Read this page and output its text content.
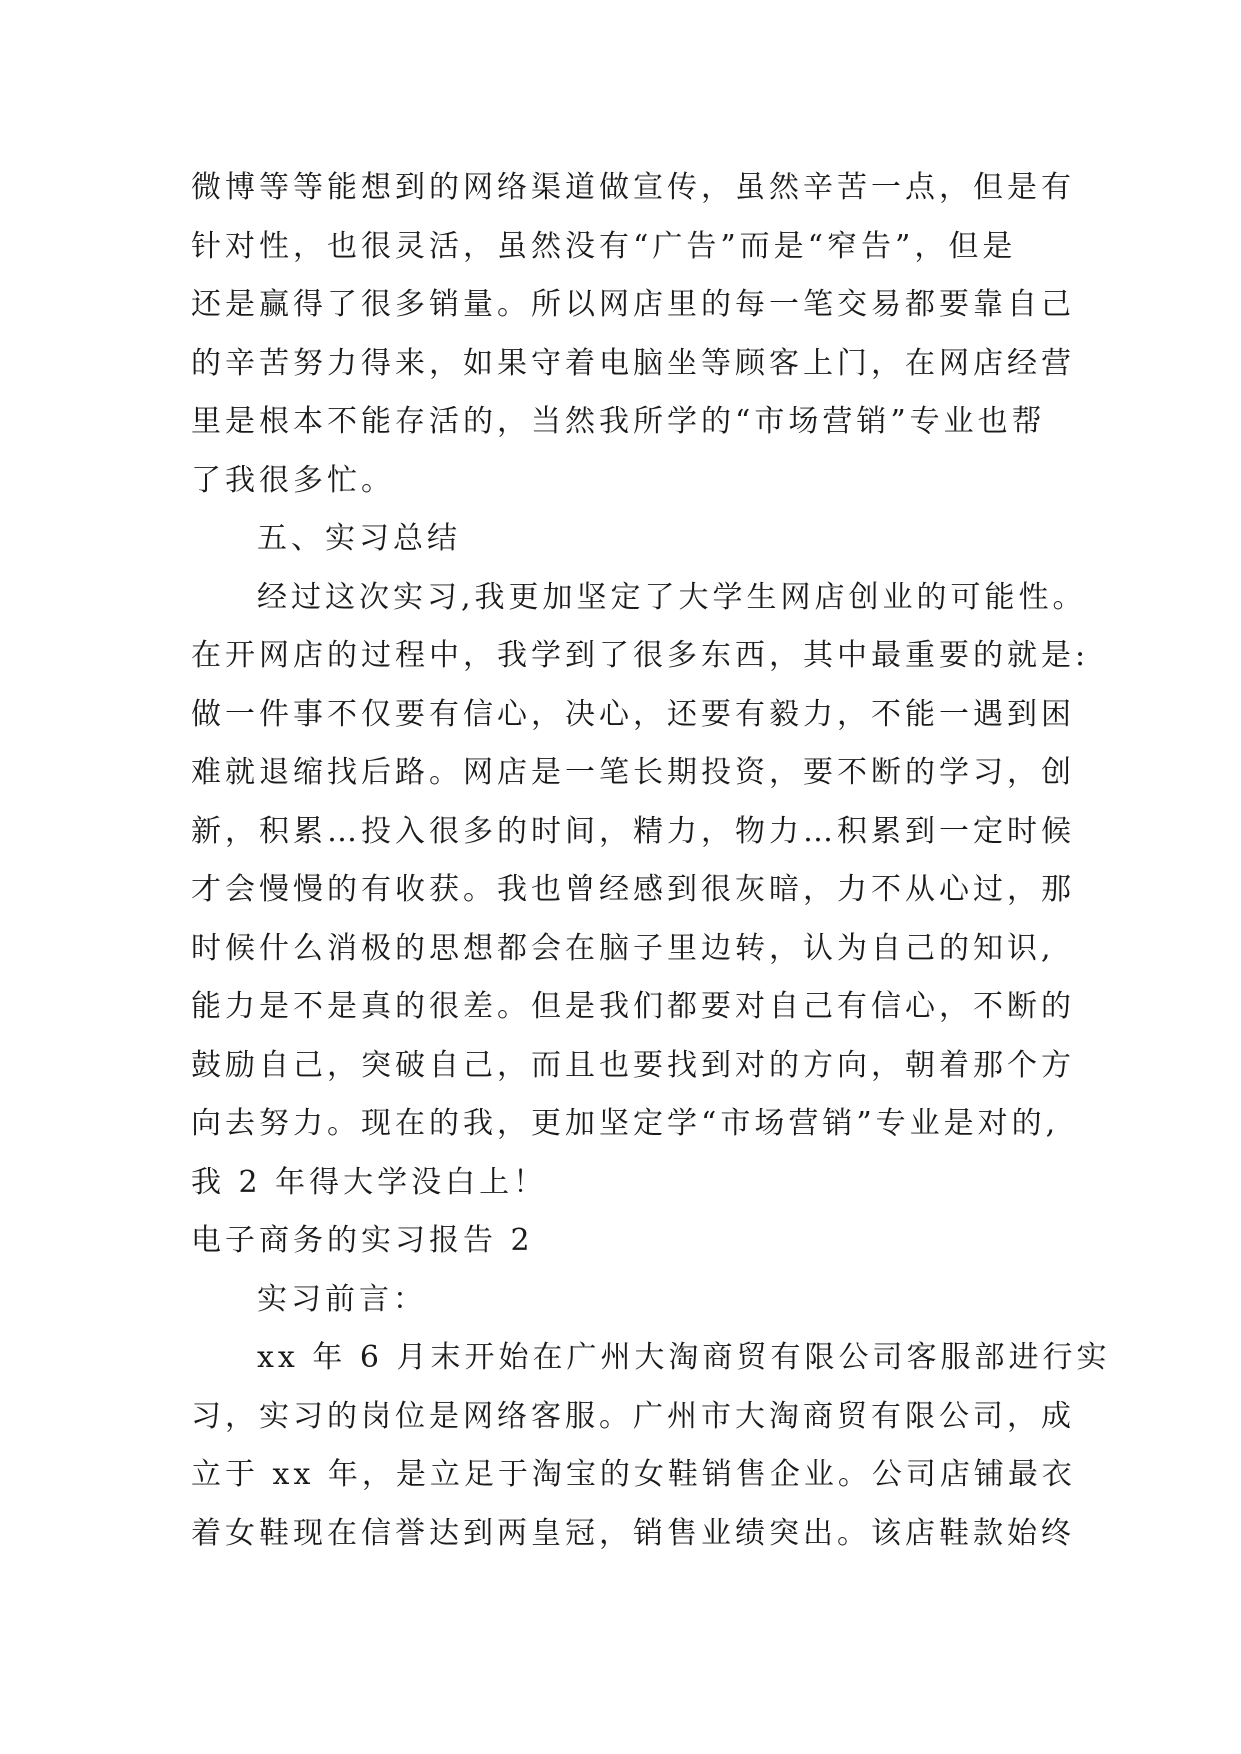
微博等等能想到的网络渠道做宣传，虽然辛苦一点，但是有
针对性，也很灵活，虽然没有“广告”而是“窄告”，但是
还是赢得了很多销量。所以网店里的每一笔交易都要靠自己
的辛苦努力得来，如果守着电脑坐等顾客上门，在网店经营
里是根本不能存活的，当然我所学的“市场营销”专业也帮
了我很多忙。
五、实习总结
经过这次实习,我更加坚定了大学生网店创业的可能性。
在开网店的过程中，我学到了很多东西，其中最重要的就是:
做一件事不仅要有信心，决心，还要有毅力，不能一遇到困
难就退缩找后路。网店是一笔长期投资，要不断的学习，创
新，积累…投入很多的时间，精力，物力…积累到一定时候
才会慢慢的有收获。我也曾经感到很灰暗，力不从心过，那
时候什么消极的思想都会在脑子里边转，认为自己的知识,
能力是不是真的很差。但是我们都要对自己有信心，不断的
鼓励自己，突破自己，而且也要找到对的方向，朝着那个方
向去努力。现在的我，更加坚定学“市场营销”专业是对的,
我 2 年得大学没白上！
电子商务的实习报告 2
实习前言：
xx 年 6 月末开始在广州大淘商贸有限公司客服部进行实
习，实习的岗位是网络客服。广州市大淘商贸有限公司，成
立于 xx 年，是立足于淘宝的女鞋销售企业。公司店铺最衣
着女鞋现在信誉达到两皇冠，销售业绩突出。该店鞋款始终
